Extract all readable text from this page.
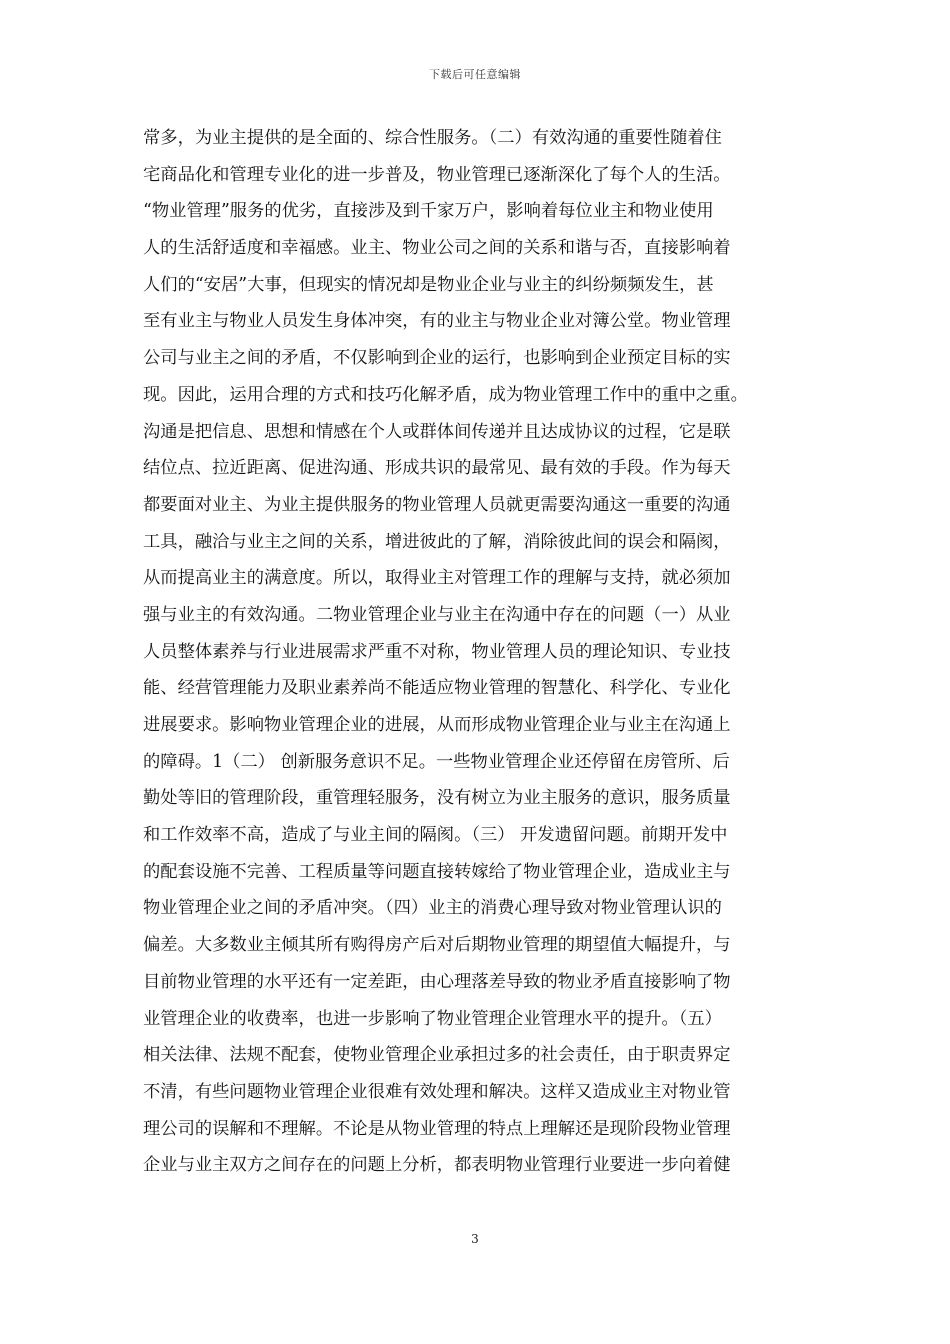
下载后可任意编辑
常多，为业主提供的是全面的、综合性服务。（二）有效沟通的重要性随着住
宅商品化和管理专业化的进一步普及，物业管理已逐渐深化了每个人的生活。
“物业管理”服务的优劣，直接涉及到千家万户，影响着每位业主和物业使用
人的生活舒适度和幸福感。业主、物业公司之间的关系和谐与否，直接影响着
人们的“安居”大事，但现实的情况却是物业企业与业主的纠纷频频发生，甚
至有业主与物业人员发生身体冲突，有的业主与物业企业对簿公堂。物业管理
公司与业主之间的矛盾，不仅影响到企业的运行，也影响到企业预定目标的实
现。因此，运用合理的方式和技巧化解矛盾，成为物业管理工作中的重中之重。
沟通是把信息、思想和情感在个人或群体间传递并且达成协议的过程，它是联
结位点、拉近距离、促进沟通、形成共识的最常见、最有效的手段。作为每天
都要面对业主、为业主提供服务的物业管理人员就更需要沟通这一重要的沟通
工具，融洽与业主之间的关系，增进彼此的了解，消除彼此间的误会和隔阂，
从而提高业主的满意度。所以，取得业主对管理工作的理解与支持，就必须加
强与业主的有效沟通。二物业管理企业与业主在沟通中存在的问题（一）从业
人员整体素养与行业进展需求严重不对称，物业管理人员的理论知识、专业技
能、经营管理能力及职业素养尚不能适应物业管理的智慧化、科学化、专业化
进展要求。影响物业管理企业的进展，从而形成物业管理企业与业主在沟通上
的障碍。1（二） 创新服务意识不足。一些物业管理企业还停留在房管所、后
勤处等旧的管理阶段，重管理轻服务，没有树立为业主服务的意识，服务质量
和工作效率不高，造成了与业主间的隔阂。（三） 开发遗留问题。前期开发中
的配套设施不完善、工程质量等问题直接转嫁给了物业管理企业，造成业主与
物业管理企业之间的矛盾冲突。（四）业主的消费心理导致对物业管理认识的
偏差。大多数业主倾其所有购得房产后对后期物业管理的期望值大幅提升，与
目前物业管理的水平还有一定差距，由心理落差导致的物业矛盾直接影响了物
业管理企业的收费率，也进一步影响了物业管理企业管理水平的提升。（五）
相关法律、法规不配套，使物业管理企业承担过多的社会责任，由于职责界定
不清，有些问题物业管理企业很难有效处理和解决。这样又造成业主对物业管
理公司的误解和不理解。不论是从物业管理的特点上理解还是现阶段物业管理
企业与业主双方之间存在的问题上分析，都表明物业管理行业要进一步向着健
3
